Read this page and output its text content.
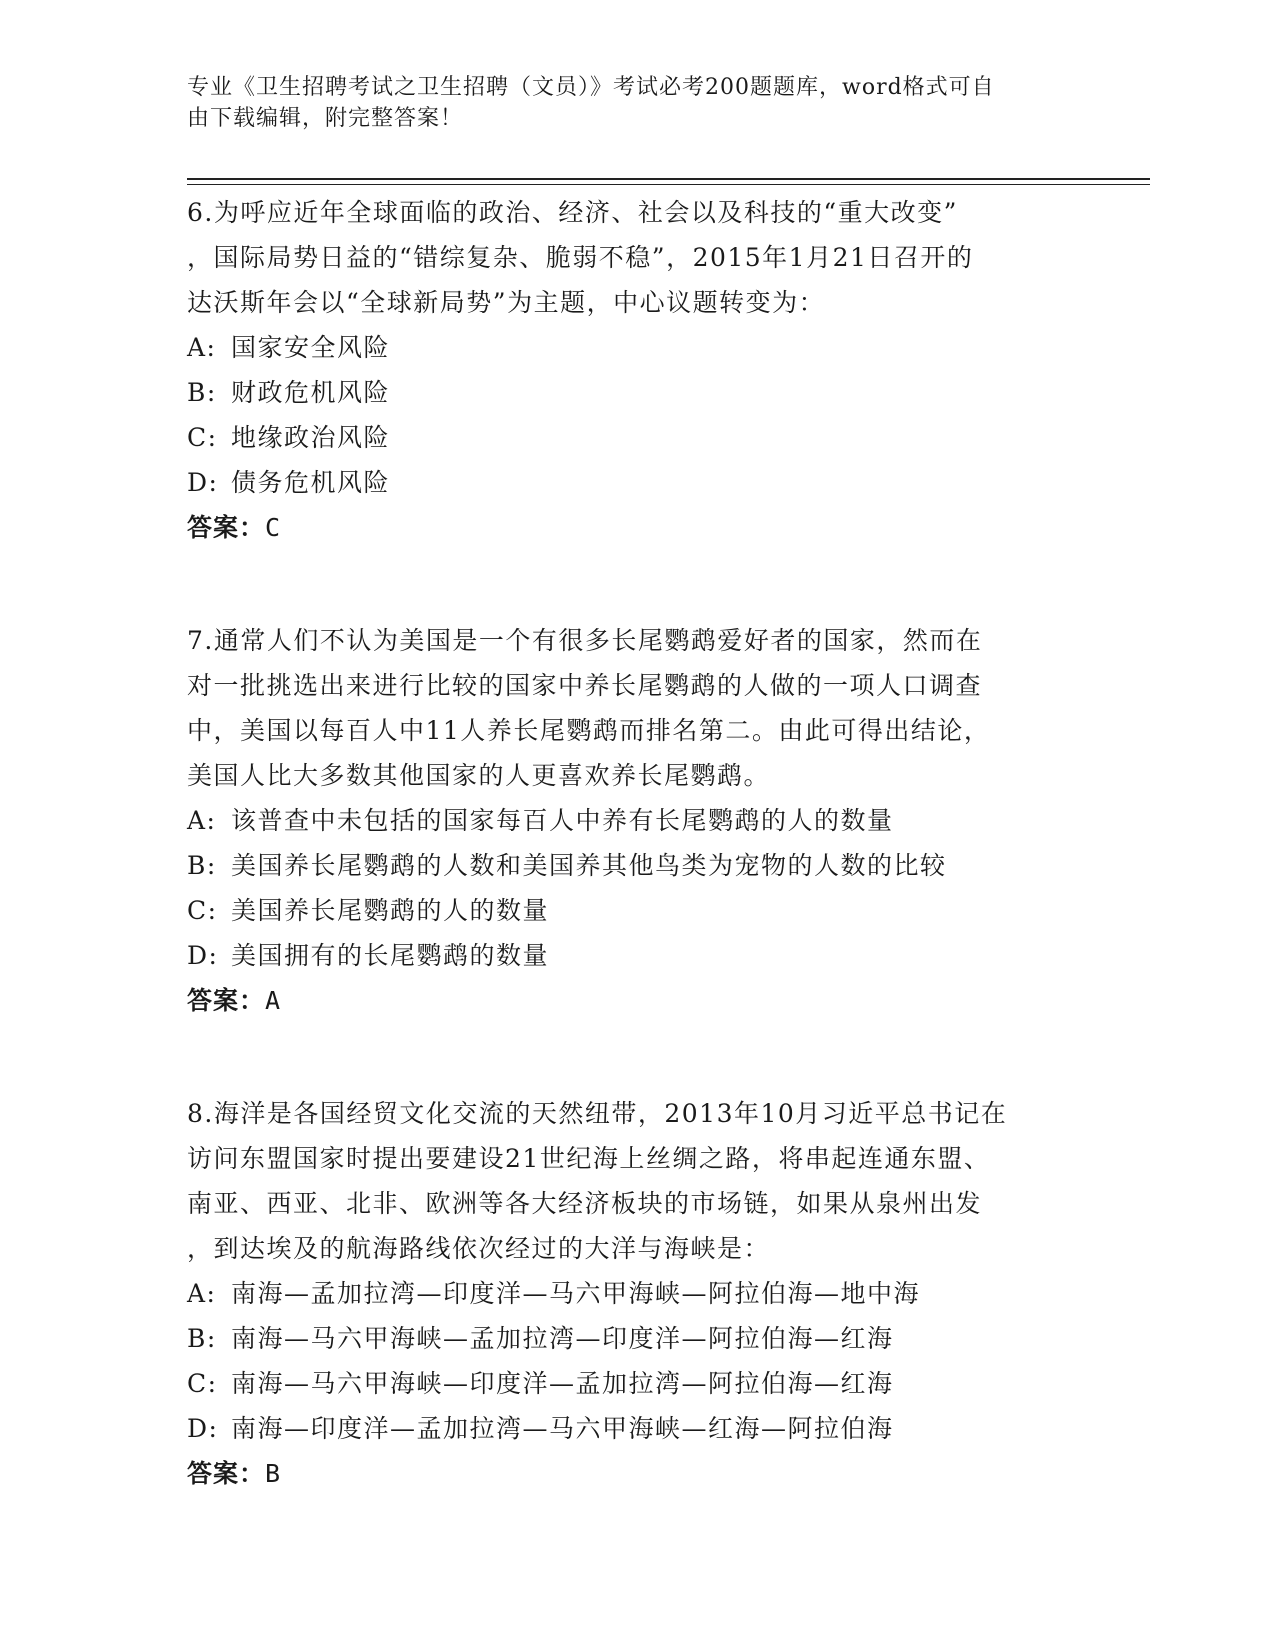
专业《卫生招聘考试之卫生招聘（文员）》考试必考200题题库，word格式可自
由下载编辑，附完整答案！
6.为呼应近年全球面临的政治、经济、社会以及科技的“重大改变”
，国际局势日益的“错综复杂、脆弱不稳”，2015年1月21日召开的
达沃斯年会以“全球新局势”为主题，中心议题转变为：
A: 国家安全风险
B: 财政危机风险
C: 地缘政治风险
D: 债务危机风险
答案：C
7.通常人们不认为美国是一个有很多长尾鹦鹉爱好者的国家，然而在
对一批挑选出来进行比较的国家中养长尾鹦鹉的人做的一项人口调查
中，美国以每百人中11人养长尾鹦鹉而排名第二。由此可得出结论，
美国人比大多数其他国家的人更喜欢养长尾鹦鹉。
A: 该普查中未包括的国家每百人中养有长尾鹦鹉的人的数量
B: 美国养长尾鹦鹉的人数和美国养其他鸟类为宠物的人数的比较
C: 美国养长尾鹦鹉的人的数量
D: 美国拥有的长尾鹦鹉的数量
答案：A
8.海洋是各国经贸文化交流的天然纽带，2013年10月习近平总书记在
访问东盟国家时提出要建设21世纪海上丝绸之路，将串起连通东盟、
南亚、西亚、北非、欧洲等各大经济板块的市场链，如果从泉州出发
，到达埃及的航海路线依次经过的大洋与海峡是：
A: 南海—孟加拉湾—印度洋—马六甲海峡—阿拉伯海—地中海
B: 南海—马六甲海峡—孟加拉湾—印度洋—阿拉伯海—红海
C: 南海—马六甲海峡—印度洋—孟加拉湾—阿拉伯海—红海
D: 南海—印度洋—孟加拉湾—马六甲海峡—红海—阿拉伯海
答案：B
